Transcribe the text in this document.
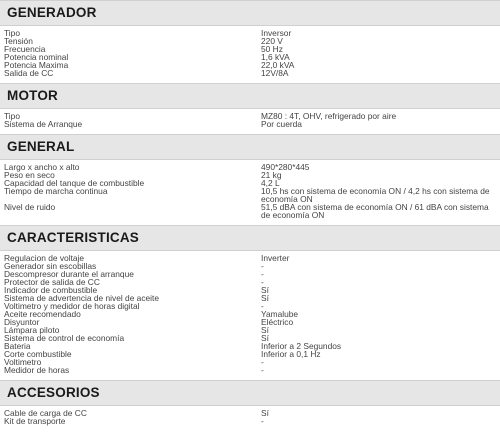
GENERADOR
Tipo	Inversor
Tensión	220 V
Frecuencia	50 Hz
Potencia nominal	1,6 kVA
Potencia Maxima	22,0 kVA
Salida de CC	12V/8A
MOTOR
Tipo	MZ80 : 4T, OHV, refrigerado por aire
Sistema de Arranque	Por cuerda
GENERAL
Largo x ancho x alto	490*280*445
Peso en seco	21 kg
Capacidad del tanque de combustible	4,2 L
Tiempo de marcha continua	10,5 hs con sistema de economía ON / 4,2 hs con sistema de economía ON
Nivel de ruido	51,5 dBA con sistema de economía ON / 61 dBA con sistema de economía ON
CARACTERISTICAS
Regulacion de voltaje	Inverter
Generador sin escobillas	-
Descompresor durante el arranque	-
Protector de salida de CC	-
Indicador de combustible	Sí
Sistema de advertencia de nivel de aceite	Sí
Voltimetro y medidor de horas digital	-
Aceite recomendado	Yamalube
Disyuntor	Eléctrico
Lámpara piloto	Sí
Sistema de control de economía	Sí
Bateria	Inferior a 2 Segundos
Corte combustible	Inferior a 0,1 Hz
Voltimetro	-
Medidor de horas	-
ACCESORIOS
Cable de carga de CC	Sí
Kit de transporte	-
